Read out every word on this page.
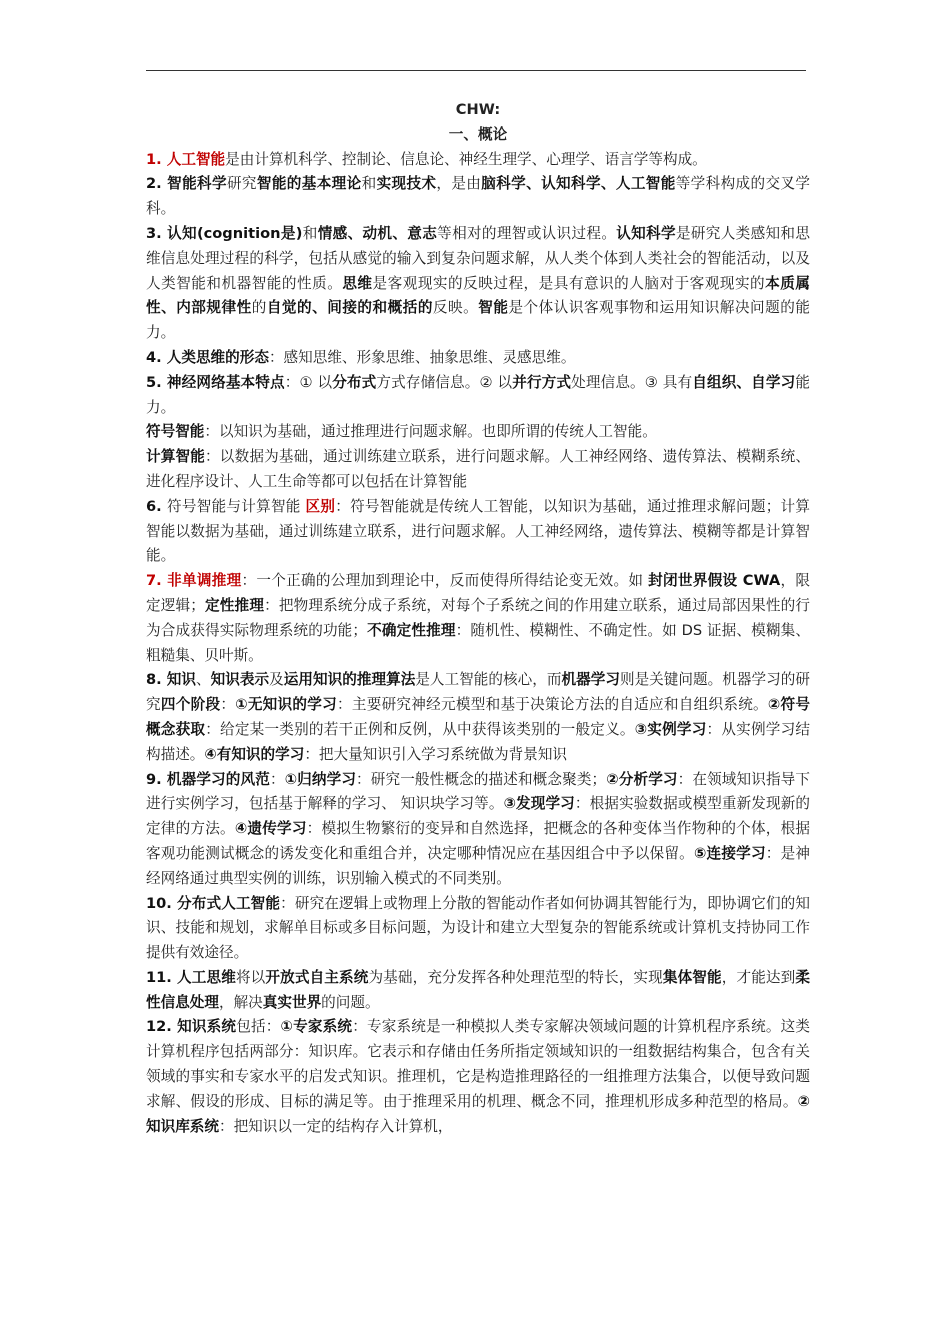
CHW:

一、概论

1. 人工智能是由计算机科学、控制论、信息论、神经生理学、心理学、语言学等构成。

2. 智能科学研究智能的基本理论和实现技术，是由脑科学、认知科学、人工智能等学科构成的交叉学科。

3. 认知(cognition是)和情感、动机、意志等相对的理智或认识过程。认知科学是研究人类感知和思维信息处理过程的科学，包括从感觉的输入到复杂问题求解，从人类个体到人类社会的智能活动，以及人类智能和机器智能的性质。思维是客观现实的反映过程，是具有意识的人脑对于客观现实的本质属性、内部规律性的自觉的、间接的和概括的反映。智能是个体认识客观事物和运用知识解决问题的能力。

4. 人类思维的形态：感知思维、形象思维、抽象思维、灵感思维。

5. 神经网络基本特点：① 以分布式方式存储信息。② 以并行方式处理信息。③ 具有自组织、自学习能力。

符号智能：以知识为基础，通过推理进行问题求解。也即所谓的传统人工智能。

计算智能：以数据为基础，通过训练建立联系，进行问题求解。人工神经网络、遗传算法、模糊系统、进化程序设计、人工生命等都可以包括在计算智能

6. 符号智能与计算智能 区别：符号智能就是传统人工智能，以知识为基础，通过推理求解问题；计算智能以数据为基础，通过训练建立联系，进行问题求解。人工神经网络，遗传算法、模糊等都是计算智能。

7. 非单调推理：一个正确的公理加到理论中，反而使得所得结论变无效。如 封闭世界假设 CWA，限定逻辑；定性推理：把物理系统分成子系统，对每个子系统之间的作用建立联系，通过局部因果性的行为合成获得实际物理系统的功能；不确定性推理：随机性、模糊性、不确定性。如 DS 证据、模糊集、粗糙集、贝叶斯。

8. 知识、知识表示及运用知识的推理算法是人工智能的核心，而机器学习则是关键问题。机器学习的研究四个阶段：①无知识的学习：主要研究神经元模型和基于决策论方法的自适应和自组织系统。②符号概念获取：给定某一类别的若干正例和反例，从中获得该类别的一般定义。③实例学习：从实例学习结构描述。④有知识的学习：把大量知识引入学习系统做为背景知识

9. 机器学习的风范：①归纳学习：研究一般性概念的描述和概念聚类；②分析学习：在领域知识指导下进行实例学习，包括基于解释的学习、 知识块学习等。③发现学习：根据实验数据或模型重新发现新的定律的方法。④遗传学习：模拟生物繁衍的变异和自然选择，把概念的各种变体当作物种的个体，根据客观功能测试概念的诱发变化和重组合并，决定哪种情况应在基因组合中予以保留。⑤连接学习：是神经网络通过典型实例的训练，识别输入模式的不同类别。

10. 分布式人工智能：研究在逻辑上或物理上分散的智能动作者如何协调其智能行为，即协调它们的知识、技能和规划，求解单目标或多目标问题，为设计和建立大型复杂的智能系统或计算机支持协同工作提供有效途径。

11. 人工思维将以开放式自主系统为基础，充分发挥各种处理范型的特长，实现集体智能，才能达到柔性信息处理，解决真实世界的问题。

12. 知识系统包括：①专家系统：专家系统是一种模拟人类专家解决领域问题的计算机程序系统。这类计算机程序包括两部分：知识库。它表示和存储由任务所指定领域知识的一组数据结构集合，包含有关领域的事实和专家水平的启发式知识。推理机，它是构造推理路径的一组推理方法集合，以便导致问题求解、假设的形成、目标的满足等。由于推理采用的机理、概念不同，推理机形成多种范型的格局。②知识库系统：把知识以一定的结构存入计算机，
